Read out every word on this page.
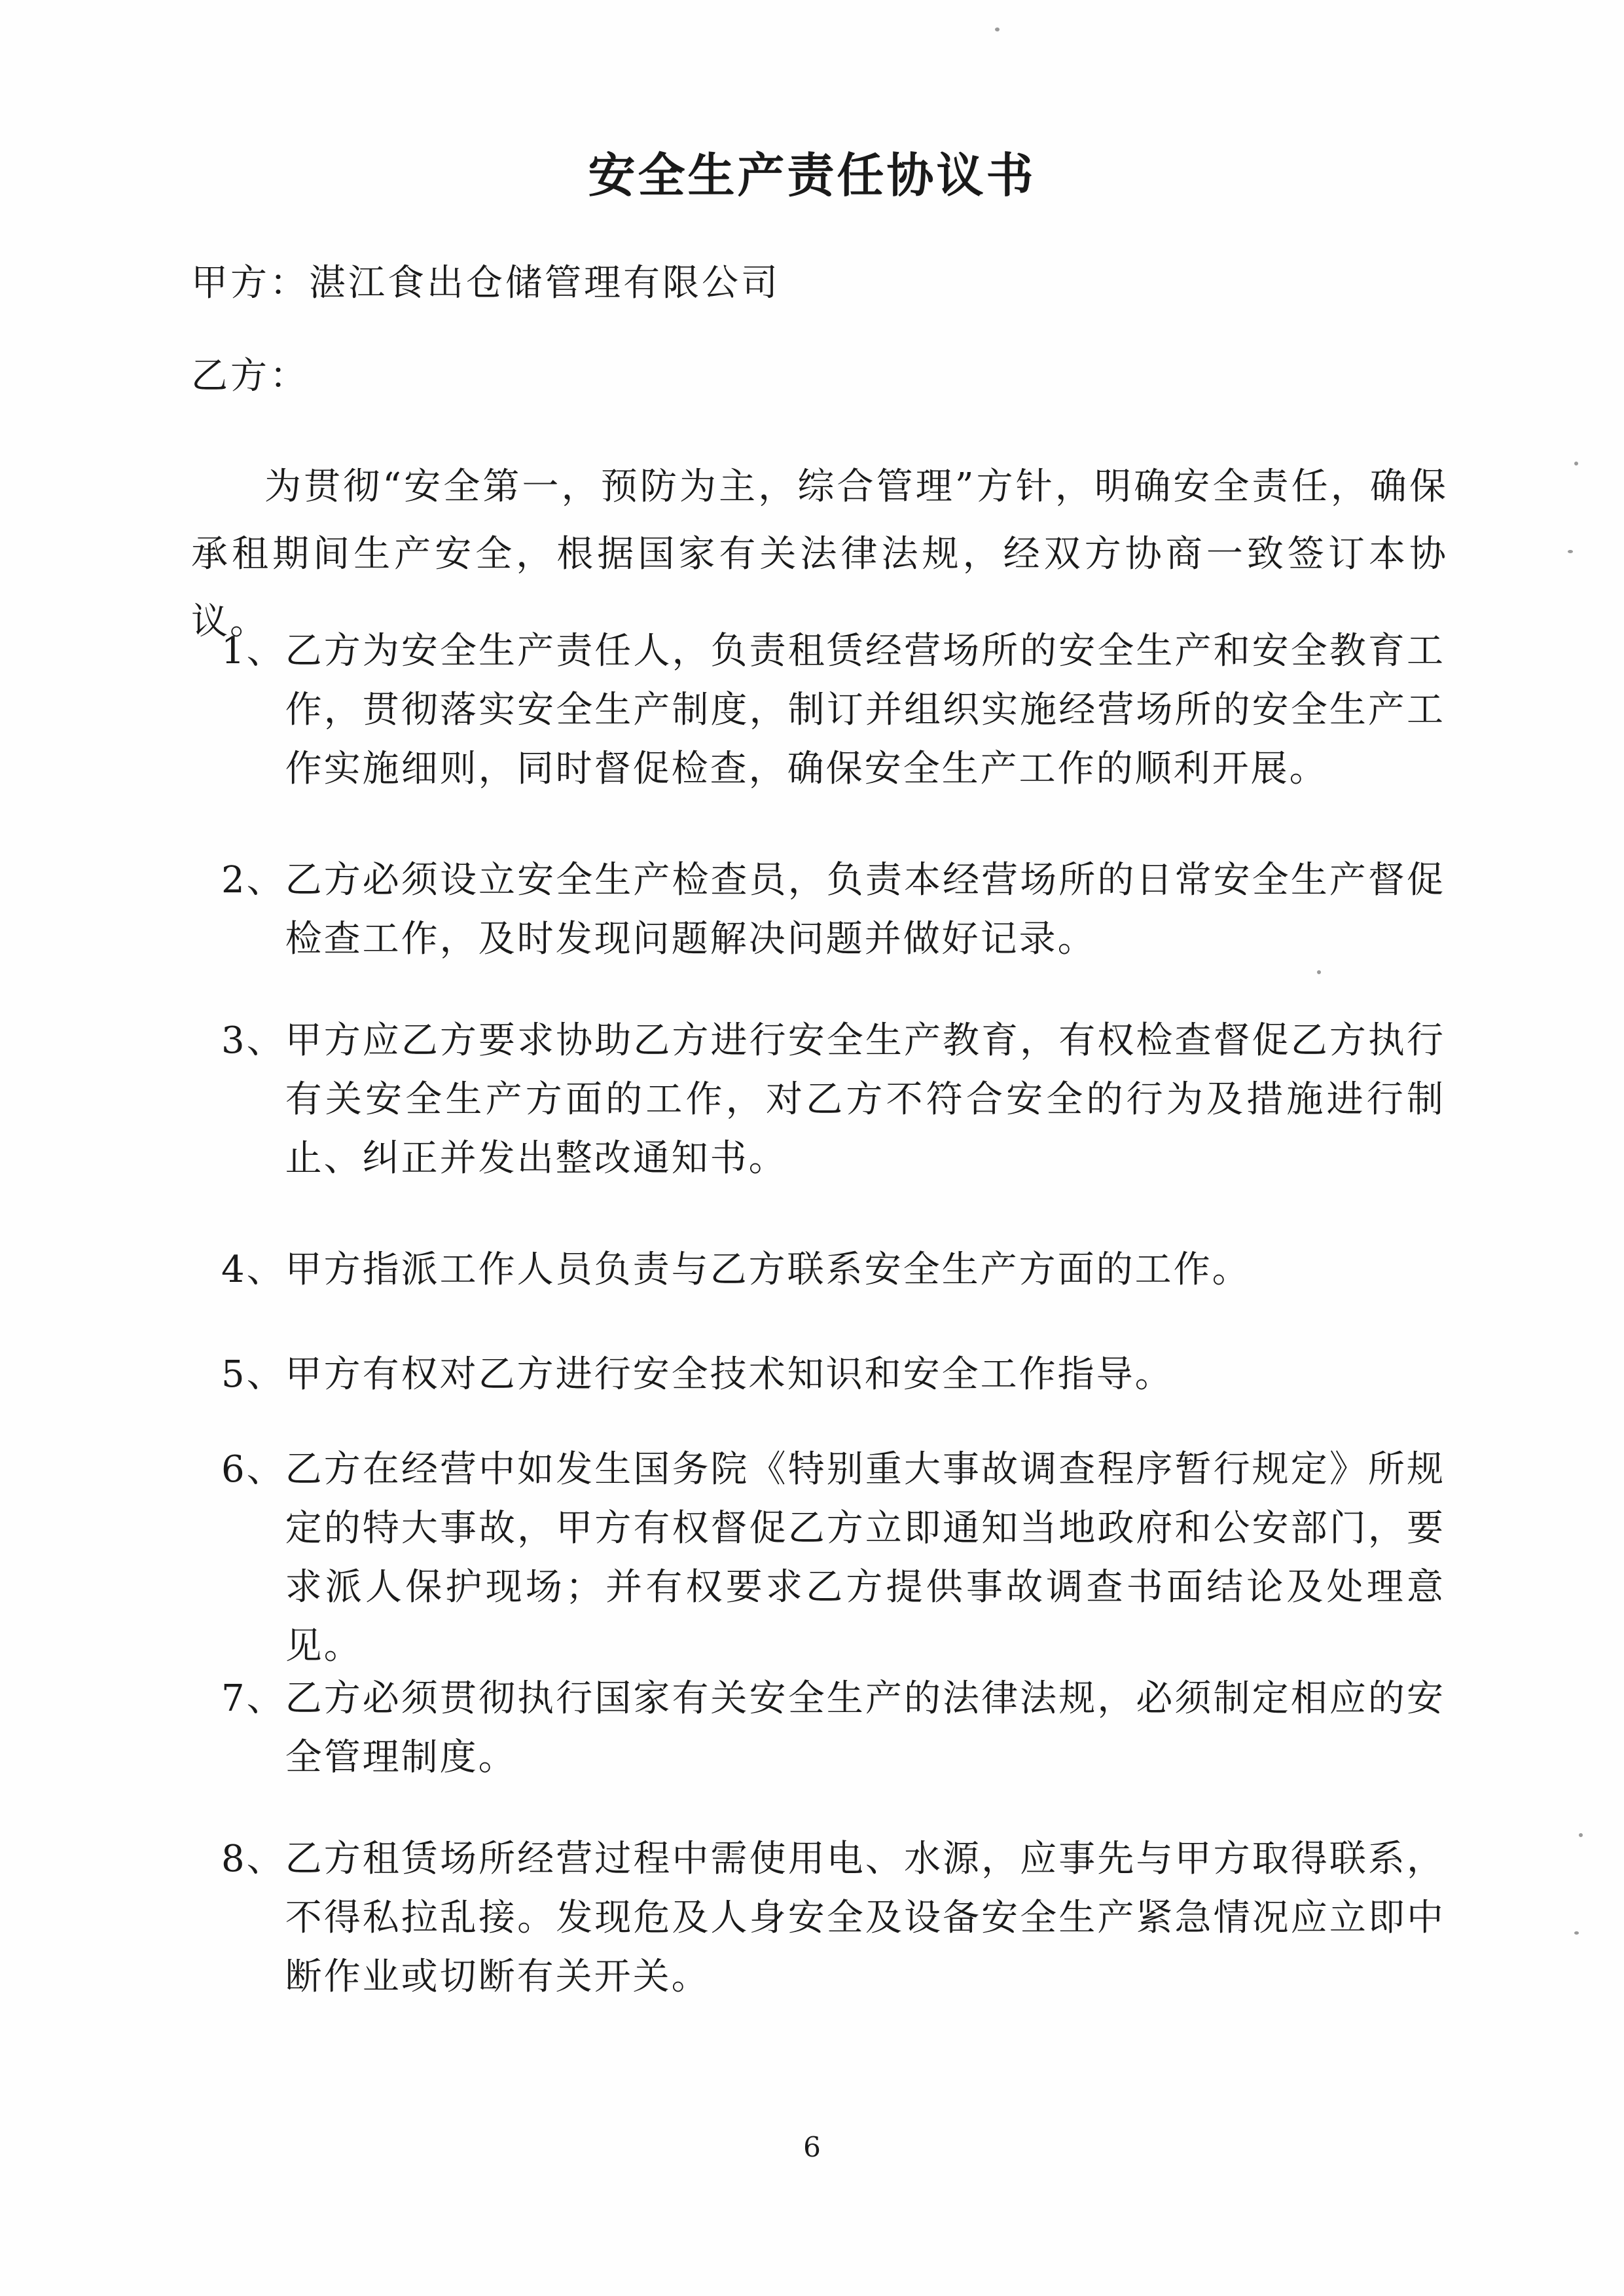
安全生产责任协议书
甲方：湛江食出仓储管理有限公司
乙方：
为贯彻“安全第一，预防为主，综合管理”方针，明确安全责任，确保承租期间生产安全，根据国家有关法律法规，经双方协商一致签订本协议。
1、 乙方为安全生产责任人，负责租赁经营场所的安全生产和安全教育工作，贯彻落实安全生产制度，制订并组织实施经营场所的安全生产工作实施细则，同时督促检查，确保安全生产工作的顺利开展。
2、 乙方必须设立安全生产检查员，负责本经营场所的日常安全生产督促检查工作，及时发现问题解决问题并做好记录。
3、 甲方应乙方要求协助乙方进行安全生产教育，有权检查督促乙方执行有关安全生产方面的工作，对乙方不符合安全的行为及措施进行制止、纠正并发出整改通知书。
4、 甲方指派工作人员负责与乙方联系安全生产方面的工作。
5、 甲方有权对乙方进行安全技术知识和安全工作指导。
6、 乙方在经营中如发生国务院《特别重大事故调查程序暂行规定》所规定的特大事故，甲方有权督促乙方立即通知当地政府和公安部门，要求派人保护现场；并有权要求乙方提供事故调查书面结论及处理意见。
7、 乙方必须贯彻执行国家有关安全生产的法律法规，必须制定相应的安全管理制度。
8、 乙方租赁场所经营过程中需使用电、水源，应事先与甲方取得联系，不得私拉乱接。发现危及人身安全及设备安全生产紧急情况应立即中断作业或切断有关开关。
6
